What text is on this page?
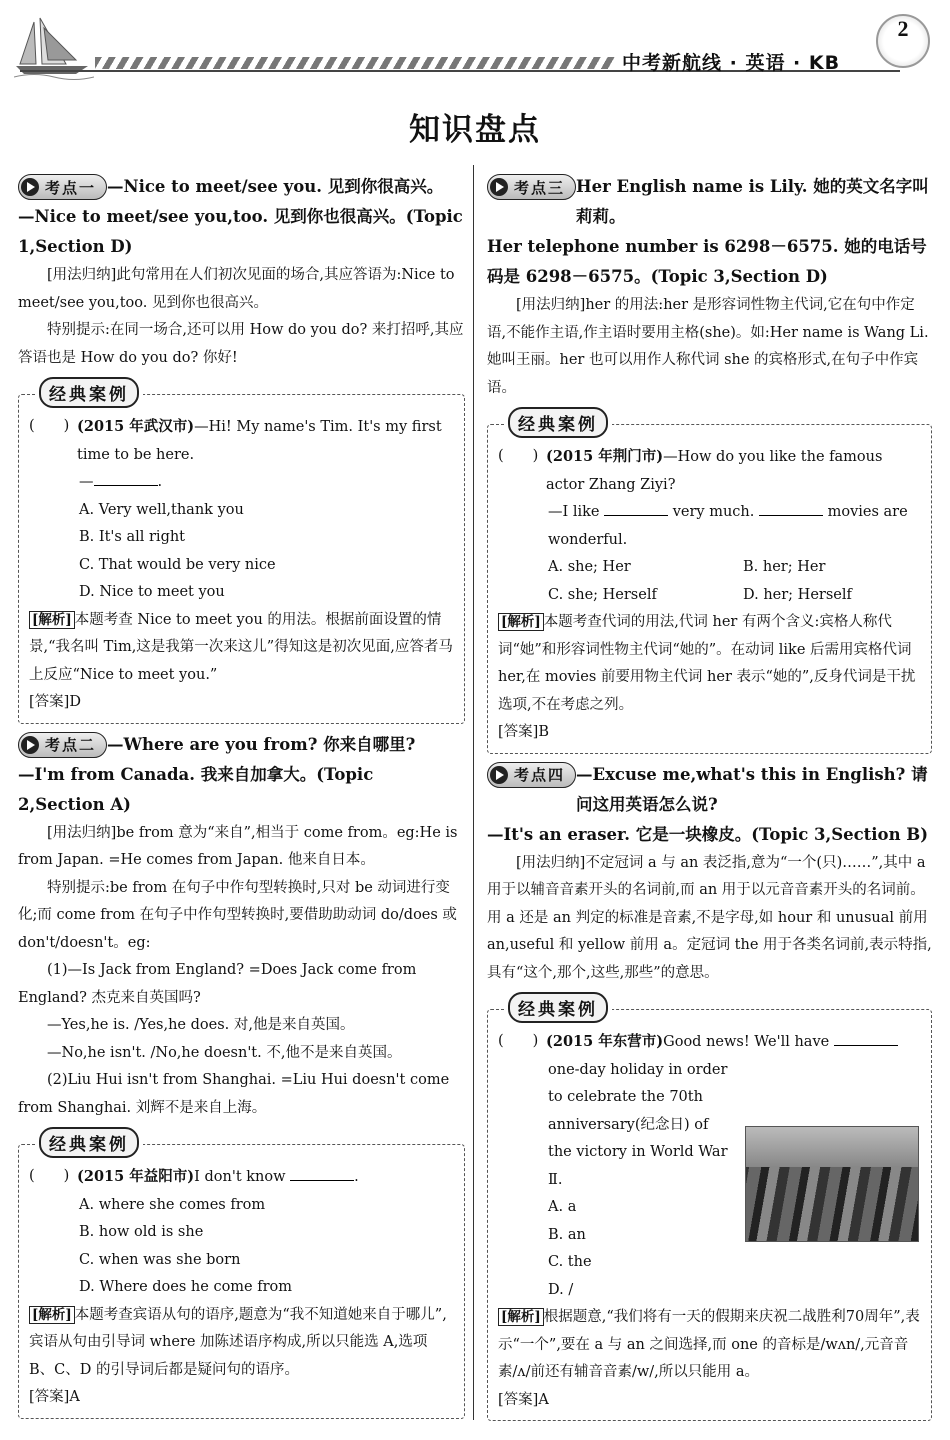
中考新航线 · 英语 · KB
2
知识盘点
考点一 —Nice to meet/see you. 见到你很高兴。
—Nice to meet/see you,too. 见到你也很高兴。(Topic 1,Section D)
[用法归纳]此句常用在人们初次见面的场合,其应答语为:Nice to meet/see you,too. 见到你也很高兴。
特别提示:在同一场合,还可以用 How do you do? 来打招呼,其应答语也是 How do you do? 你好!
经典案例
(　　) (2015 年武汉市)—Hi! My name's Tim. It's my first time to be here.
—	.
A. Very well,thank you
B. It's all right
C. That would be very nice
D. Nice to meet you
[解析] 本题考查 Nice to meet you 的用法。根据前面设置的情景,“我名叫 Tim,这是我第一次来这儿”得知这是初次见面,应答者马上反应“Nice to meet you.”
[答案]D
考点二 —Where are you from? 你来自哪里?
—I'm from Canada. 我来自加拿大。(Topic 2,Section A)
[用法归纳]be from 意为“来自”,相当于 come from。eg:He is from Japan. =He comes from Japan. 他来自日本。
特别提示:be from 在句子中作句型转换时,只对 be 动词进行变化;而 come from 在句子中作句型转换时,要借助助动词 do/does 或 don't/doesn't。eg:
(1)—Is Jack from England? =Does Jack come from England? 杰克来自英国吗?
—Yes,he is. /Yes,he does. 对,他是来自英国。
—No,he isn't. /No,he doesn't. 不,他不是来自英国。
(2)Liu Hui isn't from Shanghai. =Liu Hui doesn't come from Shanghai. 刘辉不是来自上海。
经典案例
(　　) (2015 年益阳市)I don't know	.
A. where she comes from
B. how old is she
C. when was she born
D. Where does he come from
[解析] 本题考查宾语从句的语序,题意为“我不知道她来自于哪儿”,宾语从句由引导词 where 加陈述语序构成,所以只能选 A,选项 B、C、D 的引导词后都是疑问句的语序。
[答案]A
考点三 Her English name is Lily. 她的英文名字叫莉莉。
Her telephone number is 6298－6575. 她的电话号码是 6298－6575。(Topic 3,Section D)
[用法归纳]her 的用法:her 是形容词性物主代词,它在句中作定语,不能作主语,作主语时要用主格(she)。如:Her name is Wang Li. 她叫王丽。her 也可以用作人称代词 she 的宾格形式,在句子中作宾语。
经典案例
(　　) (2015 年荆门市)—How do you like the famous actor Zhang Ziyi?
—I like	very much.	movies are wonderful.
A. she; Her	B. her; Her
C. she; Herself	D. her; Herself
[解析] 本题考查代词的用法,代词 her 有两个含义:宾格人称代词“她”和形容词性物主代词“她的”。在动词 like 后需用宾格代词 her,在 movies 前要用物主代词 her 表示“她的”,反身代词是干扰选项,不在考虑之列。
[答案]B
考点四 —Excuse me,what's this in English? 请问这用英语怎么说?
—It's an eraser. 它是一块橡皮。(Topic 3,Section B)
[用法归纳]不定冠词 a 与 an 表泛指,意为“一个(只)……”,其中 a 用于以辅音音素开头的名词前,而 an 用于以元音音素开头的名词前。用 a 还是 an 判定的标准是音素,不是字母,如 hour 和 unusual 前用 an,useful 和 yellow 前用 a。定冠词 the 用于各类名词前,表示特指,具有“这个,那个,这些,那些”的意思。
经典案例
(　　) (2015 年东营市)Good news! We'll have
one-day holiday in order to celebrate the 70th anniversary(纪念日) of the victory in World War Ⅱ.
A. a
B. an
C. the
D. /
[解析] 根据题意,“我们将有一天的假期来庆祝二战胜利70周年”,表示“一个”,要在 a 与 an 之间选择,而 one 的音标是/wʌn/,元音音素/ʌ/前还有辅音音素/w/,所以只能用 a。
[答案]A
